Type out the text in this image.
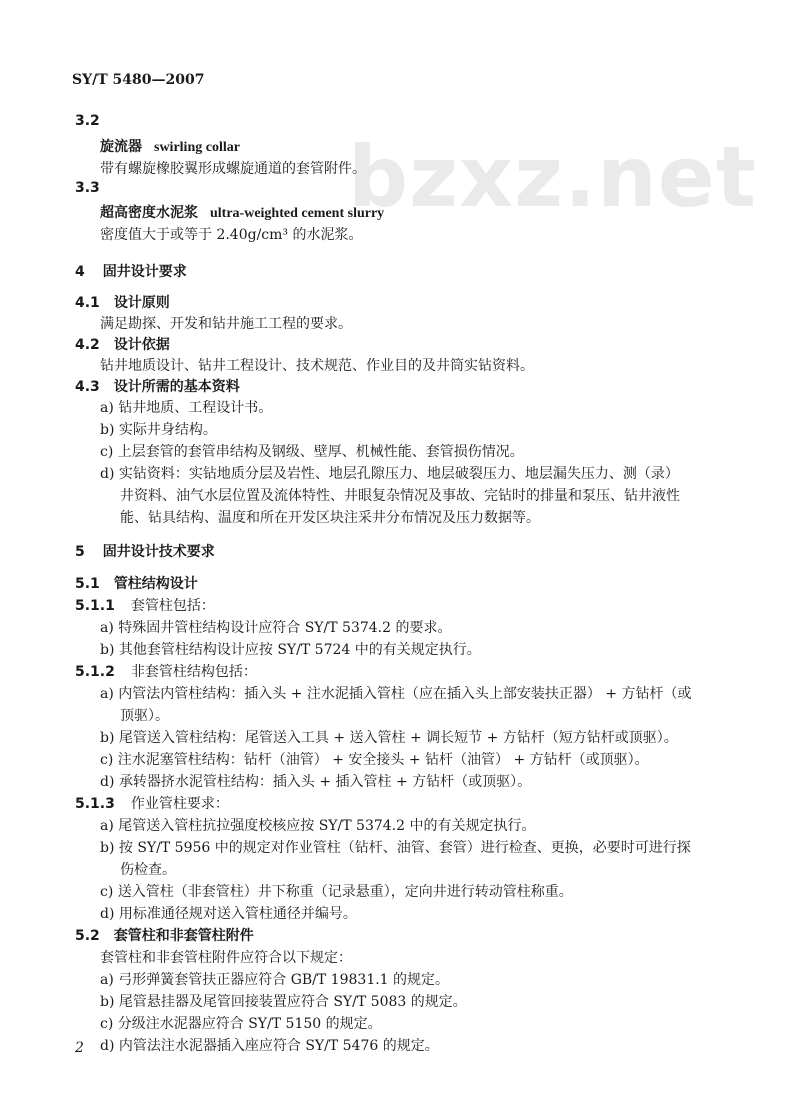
SY/T 5480—2007
bzxz.net
3.2
旋流器 swirling collar
带有螺旋橡胶翼形成螺旋通道的套管附件。
3.3
超高密度水泥浆 ultra-weighted cement slurry
密度值大于或等于 2.40g/cm³ 的水泥浆。
4 固井设计要求
4.1 设计原则
满足勘探、开发和钻井施工工程的要求。
4.2 设计依据
钻井地质设计、钻井工程设计、技术规范、作业目的及井筒实钻资料。
4.3 设计所需的基本资料
a) 钻井地质、工程设计书。
b) 实际井身结构。
c) 上层套管的套管串结构及钢级、壁厚、机械性能、套管损伤情况。
d) 实钻资料：实钻地质分层及岩性、地层孔隙压力、地层破裂压力、地层漏失压力、测（录）
井资料、油气水层位置及流体特性、井眼复杂情况及事故、完钻时的排量和泵压、钻井液性
能、钻具结构、温度和所在开发区块注采井分布情况及压力数据等。
5 固井设计技术要求
5.1 管柱结构设计
5.1.1 套管柱包括：
a) 特殊固井管柱结构设计应符合 SY/T 5374.2 的要求。
b) 其他套管柱结构设计应按 SY/T 5724 中的有关规定执行。
5.1.2 非套管柱结构包括：
a) 内管法内管柱结构：插入头 + 注水泥插入管柱（应在插入头上部安装扶正器） + 方钻杆（或
顶驱）。
b) 尾管送入管柱结构：尾管送入工具 + 送入管柱 + 调长短节 + 方钻杆（短方钻杆或顶驱）。
c) 注水泥塞管柱结构：钻杆（油管） + 安全接头 + 钻杆（油管） + 方钻杆（或顶驱）。
d) 承转器挤水泥管柱结构：插入头 + 插入管柱 + 方钻杆（或顶驱）。
5.1.3 作业管柱要求：
a) 尾管送入管柱抗拉强度校核应按 SY/T 5374.2 中的有关规定执行。
b) 按 SY/T 5956 中的规定对作业管柱（钻杆、油管、套管）进行检查、更换，必要时可进行探
伤检查。
c) 送入管柱（非套管柱）井下称重（记录悬重），定向井进行转动管柱称重。
d) 用标准通径规对送入管柱通径并编号。
5.2 套管柱和非套管柱附件
套管柱和非套管柱附件应符合以下规定：
a) 弓形弹簧套管扶正器应符合 GB/T 19831.1 的规定。
b) 尾管悬挂器及尾管回接装置应符合 SY/T 5083 的规定。
c) 分级注水泥器应符合 SY/T 5150 的规定。
d) 内管法注水泥器插入座应符合 SY/T 5476 的规定。
2
